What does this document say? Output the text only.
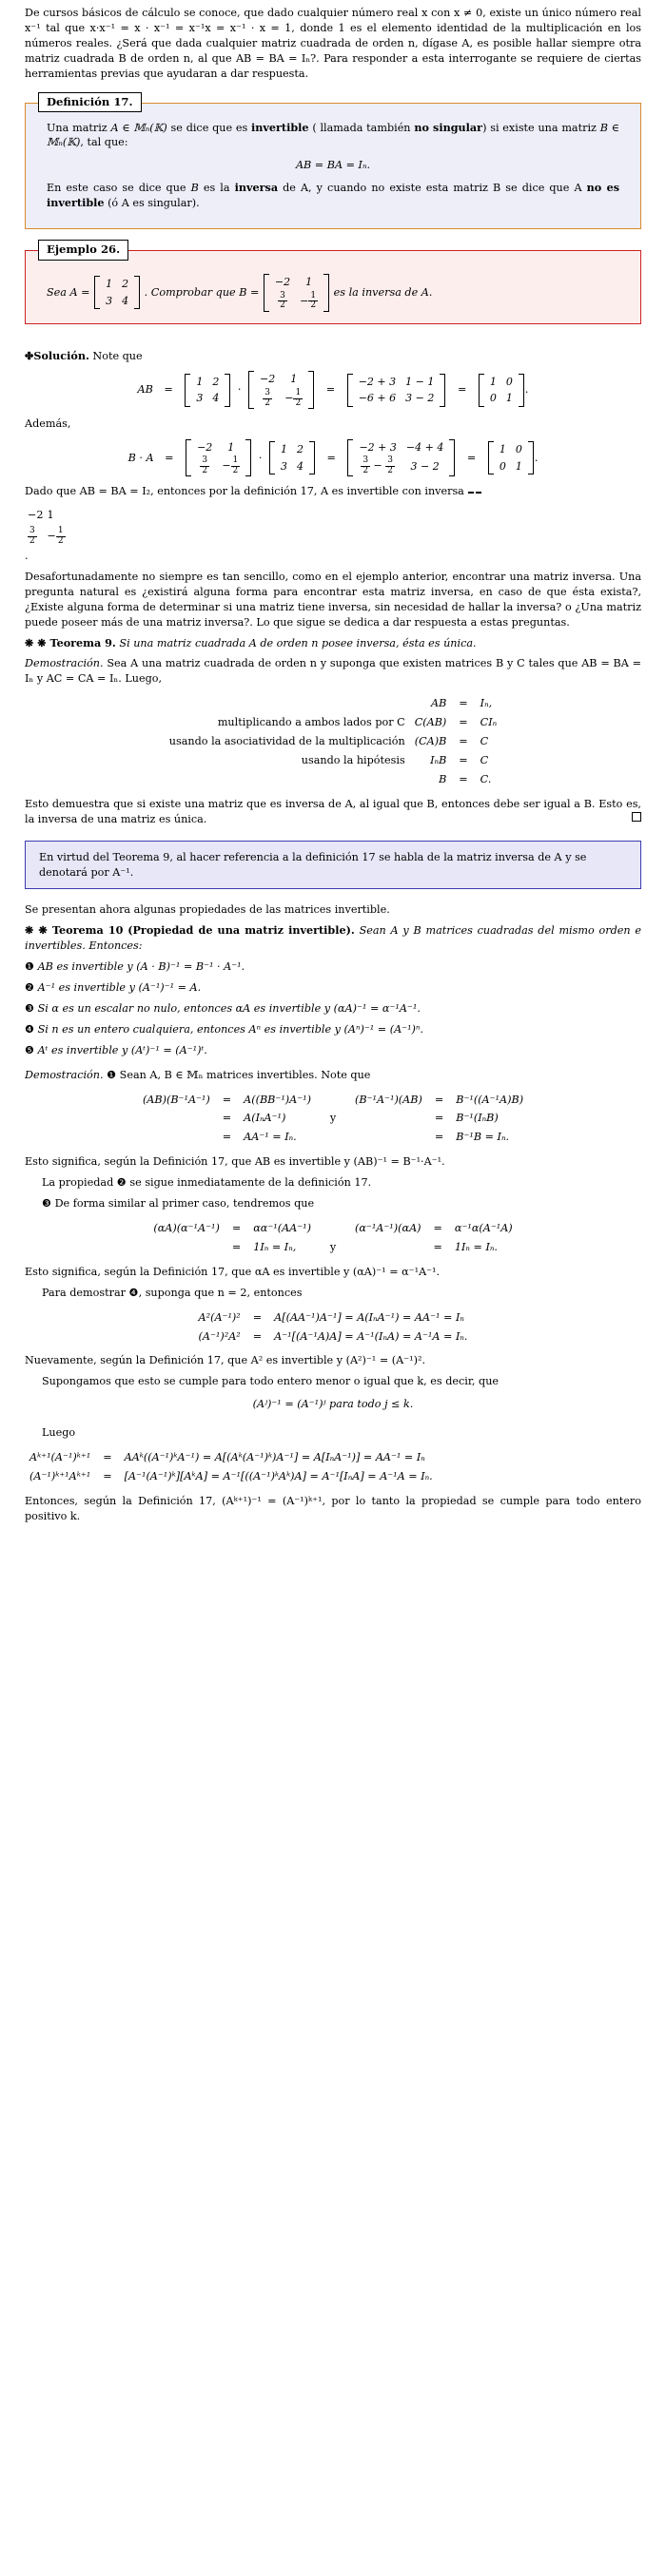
De cursos básicos de cálculo se conoce, que dado cualquier número real x con x ≠ 0, existe un único número real x⁻¹ tal que x·x⁻¹ = x · x⁻¹ = x⁻¹x = x⁻¹ · x = 1, donde 1 es el elemento identidad de la multiplicación en los números reales. ¿Será que dada cualquier matriz cuadrada de orden n, dígase A, es posible hallar siempre otra matriz cuadrada B de orden n, al que AB = BA = Iₙ?. Para responder a esta interrogante se requiere de ciertas herramientas previas que ayudaran a dar respuesta.

Definición 17.

Una matriz A ∈ 𝕄ₙ(𝕂) se dice que es invertible ( llamada también no singular) si existe una matriz B ∈ 𝕄ₙ(𝕂), tal que:

AB = BA = Iₙ.

En este caso se dice que B es la inversa de A, y cuando no existe esta matriz B se dice que A no es invertible (ó A es singular).

Ejemplo 26.
Sea A =
1	2
3	4
. Comprobar que B =
−2	1

$\frac{3}{2}$	− $\frac{1}{2}$ es la inversa de A.

✤Solución. Note que

AB =
1	2
3	4
·
−2	1

$\frac{3}{2}$	− $\frac{1}{2}$ =
−2 + 3	1 − 1
−6 + 6	3 − 2
=
1	0
0	1
.

Además,

B · A =
−2	1

$\frac{3}{2}$	− $\frac{1}{2}$ ·
1	2
3	4
=
−2 + 3	−4 + 4

$\frac{3}{2} - \frac{3}{2}$	3 − 2
=
1	0
0	1
.

Dado que AB = BA = I₂, entonces por la definición 17, A es invertible con inversa

−2	1

$\frac{3}{2}$	− $\frac{1}{2}$
.

Desafortunadamente no siempre es tan sencillo, como en el ejemplo anterior, encontrar una matriz inversa. Una pregunta natural es ¿existirá alguna forma para encontrar esta matriz inversa, en caso de que ésta exista?, ¿Existe alguna forma de determinar si una matriz tiene inversa, sin necesidad de hallar la inversa? o ¿Una matriz puede poseer más de una matriz inversa?. Lo que sigue se dedica a dar respuesta a estas preguntas.

❋ ❋ Teorema 9. Si una matriz cuadrada A de orden n posee inversa, ésta es única.

Demostración. Sea A una matriz cuadrada de orden n y suponga que existen matrices B y C tales que AB = BA = Iₙ y AC = CA = Iₙ. Luego,

	AB	=	Iₙ,
multiplicando a ambos lados por C	C(AB)	=	CIₙ
usando la asociatividad de la multiplicación	(CA)B	=	C
usando la hipótesis	IₙB	=	C
	B	=	C.

Esto demuestra que si existe una matriz que es inversa de A, al igual que B, entonces debe ser igual a B. Esto es, la inversa de una matriz es única.

En virtud del Teorema 9, al hacer referencia a la definición 17 se habla de la matriz inversa de A y se denotará por A⁻¹.

Se presentan ahora algunas propiedades de las matrices invertible.

❋ ❋ Teorema 10 (Propiedad de una matriz invertible). Sean A y B matrices cuadradas del mismo orden e invertibles. Entonces:

❶ AB es invertible y (A · B)⁻¹ = B⁻¹ · A⁻¹.

❷ A⁻¹ es invertible y (A⁻¹)⁻¹ = A.

❸ Si α es un escalar no nulo, entonces αA es invertible y (αA)⁻¹ = α⁻¹A⁻¹.

❹ Si n es un entero cualquiera, entonces Aⁿ es invertible y (Aⁿ)⁻¹ = (A⁻¹)ⁿ.

❺ Aᵗ es invertible y (Aᵗ)⁻¹ = (A⁻¹)ᵗ.

Demostración. ❶ Sean A, B ∈ 𝕄ₙ matrices invertibles. Note que

(AB)(B⁻¹A⁻¹)	=	A((BB⁻¹)A⁻¹)		(B⁻¹A⁻¹)(AB)	=	B⁻¹((A⁻¹A)B)
	=	A(IₙA⁻¹)	y		=	B⁻¹(IₙB)
	=	AA⁻¹ = Iₙ.			=	B⁻¹B = Iₙ.

Esto significa, según la Definición 17, que AB es invertible y (AB)⁻¹ = B⁻¹·A⁻¹.

La propiedad ❷ se sigue inmediatamente de la definición 17.

❸ De forma similar al primer caso, tendremos que

(αA)(α⁻¹A⁻¹)	=	αα⁻¹(AA⁻¹)		(α⁻¹A⁻¹)(αA)	=	α⁻¹α(A⁻¹A)
	=	1Iₙ = Iₙ,	y		=	1Iₙ = Iₙ.

Esto significa, según la Definición 17, que αA es invertible y (αA)⁻¹ = α⁻¹A⁻¹.

Para demostrar ❹, suponga que n = 2, entonces

A²(A⁻¹)²	=	A[(AA⁻¹)A⁻¹] = A(IₙA⁻¹) = AA⁻¹ = Iₙ
(A⁻¹)²A²	=	A⁻¹[(A⁻¹A)A] = A⁻¹(IₙA) = A⁻¹A = Iₙ.

Nuevamente, según la Definición 17, que A² es invertible y (A²)⁻¹ = (A⁻¹)².

Supongamos que esto se cumple para todo entero menor o igual que k, es decir, que

(Aʲ)⁻¹ = (A⁻¹)ʲ para todo j ≤ k.

Luego

Aᵏ⁺¹(A⁻¹)ᵏ⁺¹	=	AAᵏ((A⁻¹)ᵏA⁻¹) = A[(Aᵏ(A⁻¹)ᵏ)A⁻¹] = A[IₙA⁻¹)] = AA⁻¹ = Iₙ
(A⁻¹)ᵏ⁺¹Aᵏ⁺¹	=	[A⁻¹(A⁻¹)ᵏ][AᵏA] = A⁻¹[((A⁻¹)ᵏAᵏ)A] = A⁻¹[IₙA] = A⁻¹A = Iₙ.

Entonces, según la Definición 17, (Aᵏ⁺¹)⁻¹ = (A⁻¹)ᵏ⁺¹, por lo tanto la propiedad se cumple para todo entero positivo k.
